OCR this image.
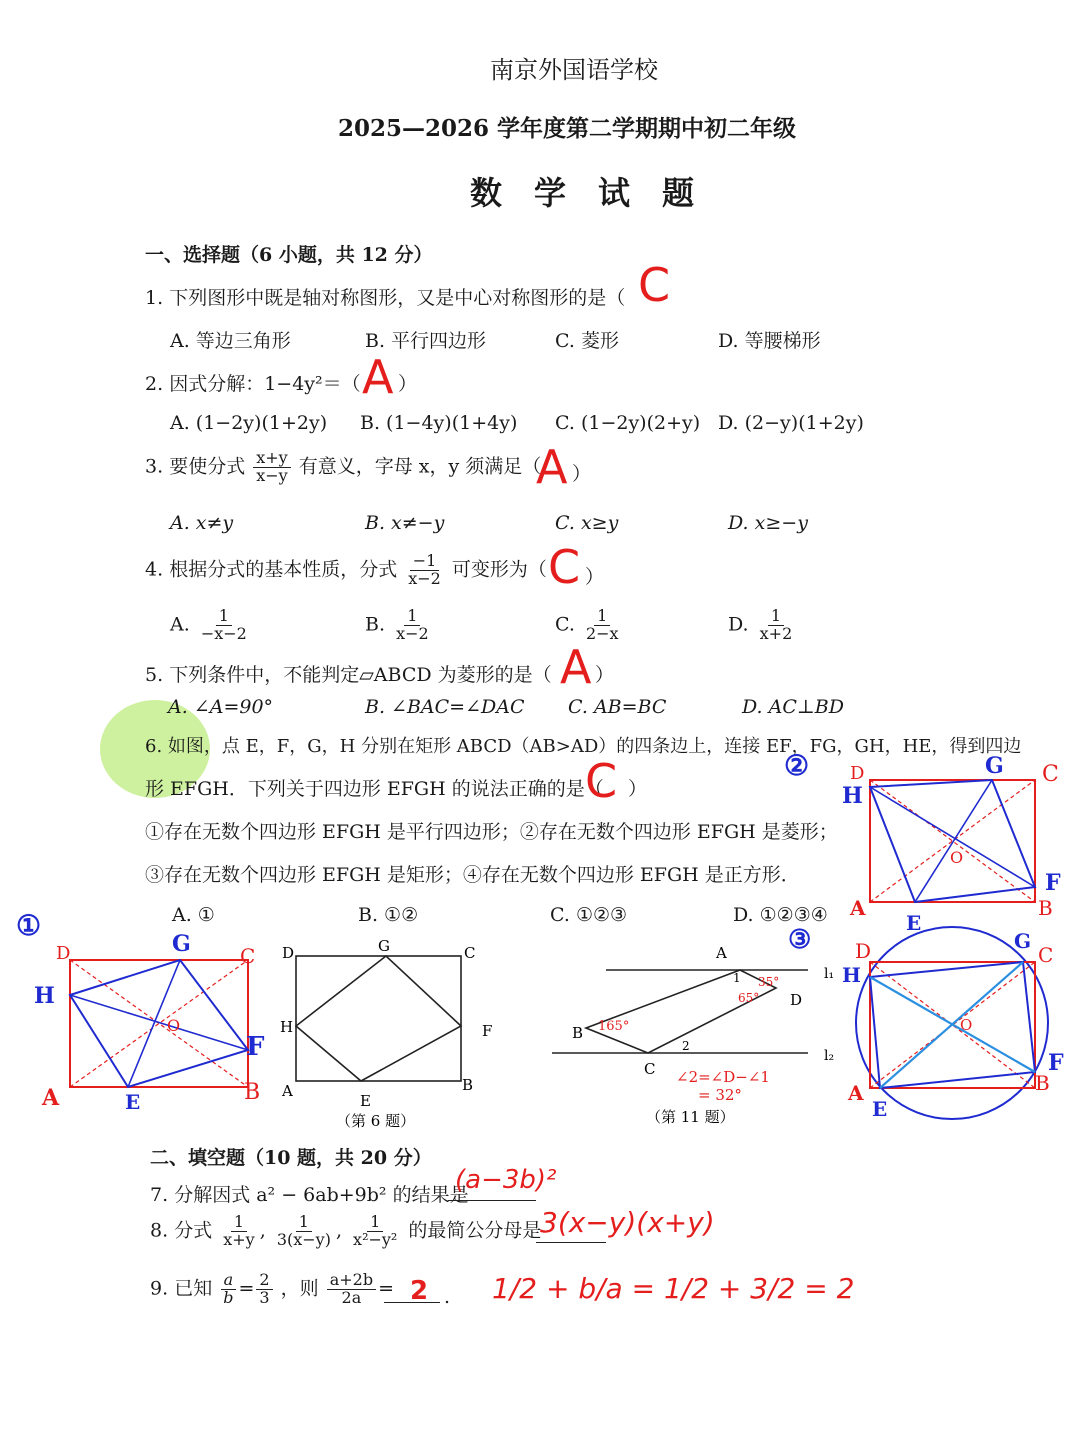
南京外国语学校
2025—2026 学年度第二学期期中初二年级
数　学　试　题
一、选择题（6 小题，共 12 分）
1. 下列图形中既是轴对称图形，又是中心对称图形的是（ C
A. 等边三角形	B. 平行四边形	C. 菱形	D. 等腰梯形
2. 因式分解：1−4y²＝（ ）
A
A. (1−2y)(1+2y) B. (1−4y)(1+4y) C. (1−2y)(2+y) D. (2−y)(1+2y)
3. 要使分式 $\frac{x+y}{x-y}$ 有意义，字母 x，y 须满足（ ）
A
A. x≠y	B. x≠−y	C. x≥y	D. x≥−y
4. 根据分式的基本性质，分式 $\frac{-1}{x-2}$ 可变形为（ ）
C
A. $\frac{1}{-x-2}$	B. $\frac{1}{x-2}$	C. $\frac{1}{2-x}$	D. $\frac{1}{x+2}$
5. 下列条件中，不能判定▱ABCD 为菱形的是（ ）
A
A. ∠A=90°	B. ∠BAC=∠DAC C. AB=BC	D. AC⊥BD
6. 如图，点 E，F，G，H 分别在矩形 ABCD（AB>AD）的四条边上，连接 EF，FG，GH，HE，得到四边
形 EFGH．下列关于四边形 EFGH 的说法正确的是（ ）
C
①存在无数个四边形 EFGH 是平行四边形；②存在无数个四边形 EFGH 是菱形；
③存在无数个四边形 EFGH 是矩形；④存在无数个四边形 EFGH 是正方形．
A. ①	B. ①②	C. ①②③	D. ①②③④
② D	G C
H
O
F
A
E
B
①
D	G C
H
O
F
A	E	B
D	G	C
H	F
A
E
B
（第 6 题）
A
D
B
C
l₁
l₂
1
2
35°
65°
165°
∠2=∠D−∠1
= 32°
（第 11 题）
③ D	G
C
H
O
F
A
E
B
二、填空题（10 题，共 20 分）
7. 分解因式 a² − 6ab+9b² 的结果是
(a−3b)²
8. 分式 $\frac{1}{x+y}$ , $\frac{1}{3(x-y)}$ , $\frac{1}{\text{x²−y²}}$ 的最简公分母是
3(x−y)(x+y)
9. 已知 $\frac{a}{b} = \frac{2}{3}$ ，则 $\frac{a+2b}{2a} = 2$ . 1/2 + b/a = 1/2 + 3/2 = 2
